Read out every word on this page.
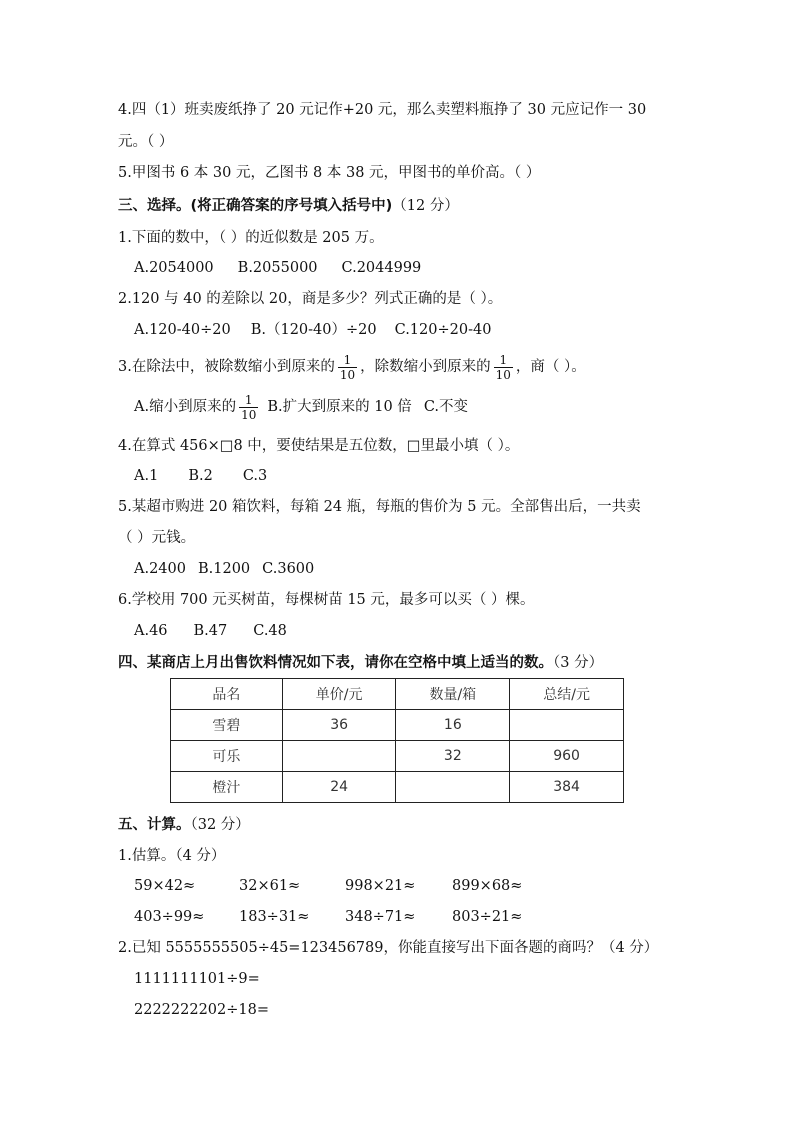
4.四（1）班卖废纸挣了 20 元记作+20 元，那么卖塑料瓶挣了 30 元应记作一 30
元。（ ）
5.甲图书 6 本 30 元，乙图书 8 本 38 元，甲图书的单价高。（ ）
三、选择。(将正确答案的序号填入括号中)（12 分）
1.下面的数中，（ ）的近似数是 205 万。
A.2054000 B.2055000 C.2044999
2.120 与 40 的差除以 20，商是多少？列式正确的是（ ）。
A.120-40÷20 B.（120-40）÷20 C.120÷20-40
3.在除法中，被除数缩小到原来的 $\frac{1}{10}$ ，除数缩小到原来的 $\frac{1}{10}$ ，商（ ）。
A.缩小到原来的 $\frac{1}{10} B$.扩大到原来的 10 倍 C.不变
4.在算式 456×□8 中，要使结果是五位数，□里最小填（ ）。
A.1 B.2 C.3
5.某超市购进 20 箱饮料，每箱 24 瓶，每瓶的售价为 5 元。全部售出后，一共卖
（ ）元钱。
A.2400 B.1200 C.3600
6.学校用 700 元买树苗，每棵树苗 15 元，最多可以买（ ）棵。
A.46 B.47 C.48
四、某商店上月出售饮料情况如下表，请你在空格中填上适当的数。（3 分）
品名	单价/元	数量/箱	总结/元
雪碧	36	16	
可乐		32	960
橙汁	24		384
五、计算。（32 分）
1.估算。（4 分）
59×42≈	32×61≈	998×21≈	899×68≈
403÷99≈ 183÷31≈ 348÷71≈	803÷21≈
2.已知 5555555505÷45=123456789，你能直接写出下面各题的商吗？（4 分）
1111111101÷9=
2222222202÷18=
